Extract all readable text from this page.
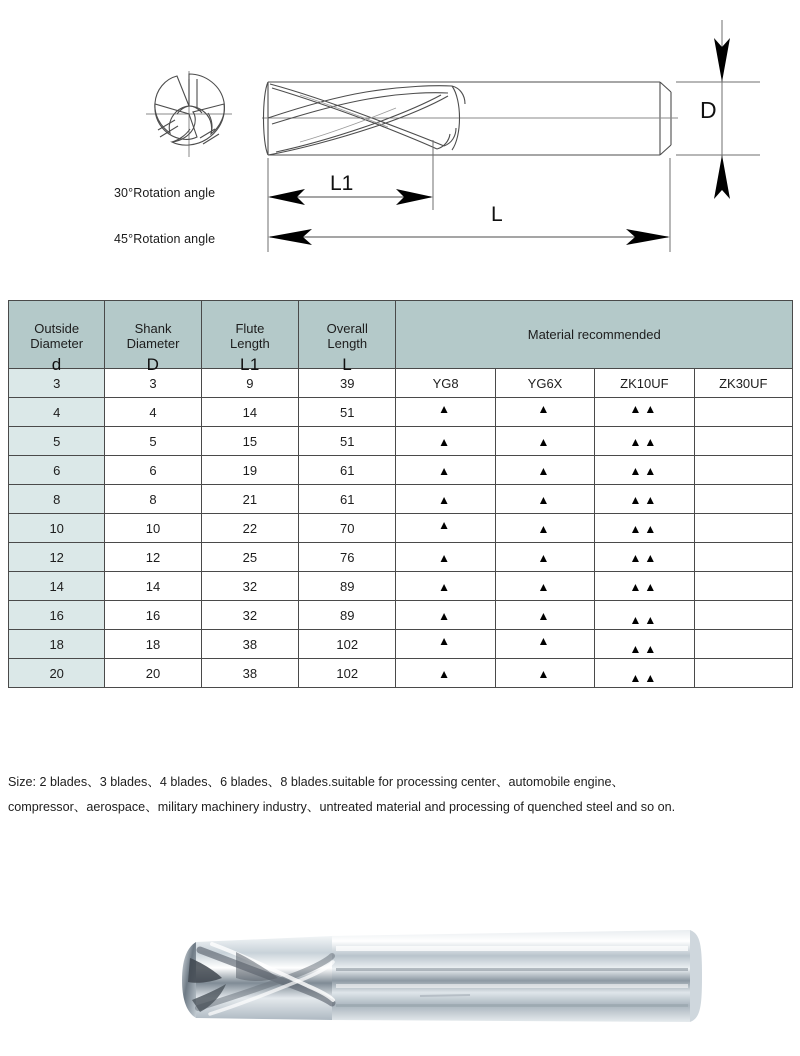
30°Rotation angle
45°Rotation angle
L1
L
D
Outside
Diameter
d	Shank
Diameter
D	Flute
Length
L1	Overall
Length
L	Material recommended			
3	3	9	39	YG8	YG6X	ZK10UF	ZK30UF
4	4	14	51	▲	▲	▲▲	
5	5	15	51	▲	▲	▲▲	
6	6	19	61	▲	▲	▲▲	
8	8	21	61	▲	▲	▲▲	
10	10	22	70	▲	▲	▲▲	
12	12	25	76	▲	▲	▲▲	
14	14	32	89	▲	▲	▲▲	
16	16	32	89	▲	▲	▲▲	
18	18	38	102	▲	▲	▲▲	
20	20	38	102	▲	▲	▲▲	
Size: 2 blades、3 blades、4 blades、6 blades、8 blades.suitable for processing center、automobile engine、
compressor、aerospace、military machinery industry、untreated material and processing of quenched steel and so on.
